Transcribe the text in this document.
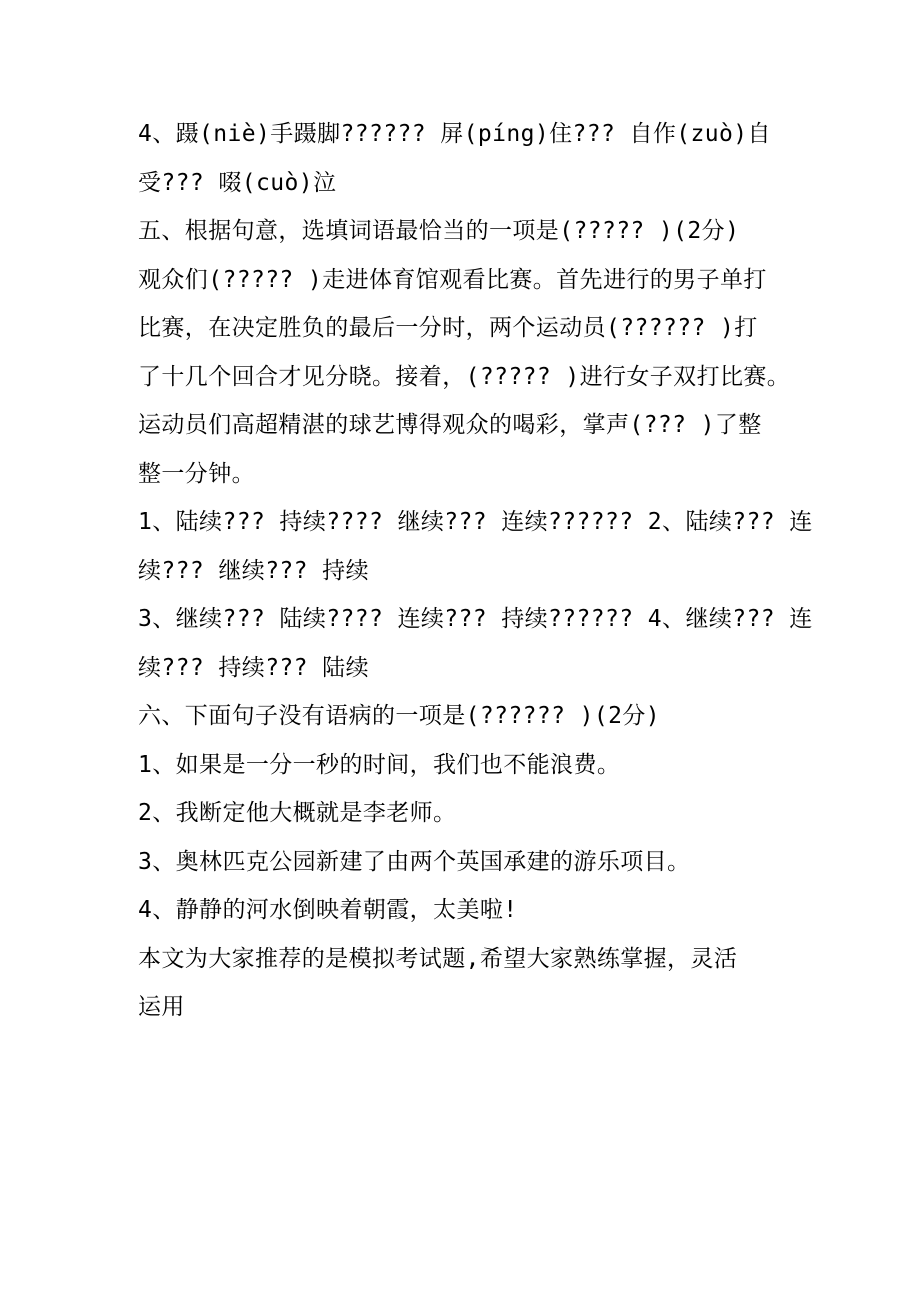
4、蹑(niè)手蹑脚?????? 屏(píng)住??? 自作(zuò)自
受??? 啜(cuò)泣
五、根据句意，选填词语最恰当的一项是(????? )(2分)
观众们(????? )走进体育馆观看比赛。首先进行的男子单打
比赛，在决定胜负的最后一分时，两个运动员(?????? )打
了十几个回合才见分晓。接着，(????? )进行女子双打比赛。
运动员们高超精湛的球艺博得观众的喝彩，掌声(??? )了整
整一分钟。
1、陆续??? 持续???? 继续??? 连续?????? 2、陆续??? 连
续??? 继续??? 持续
3、继续??? 陆续???? 连续??? 持续?????? 4、继续??? 连
续??? 持续??? 陆续
六、下面句子没有语病的一项是(?????? )(2分)
1、如果是一分一秒的时间，我们也不能浪费。
2、我断定他大概就是李老师。
3、奥林匹克公园新建了由两个英国承建的游乐项目。
4、静静的河水倒映着朝霞，太美啦!
本文为大家推荐的是模拟考试题,希望大家熟练掌握，灵活
运用
